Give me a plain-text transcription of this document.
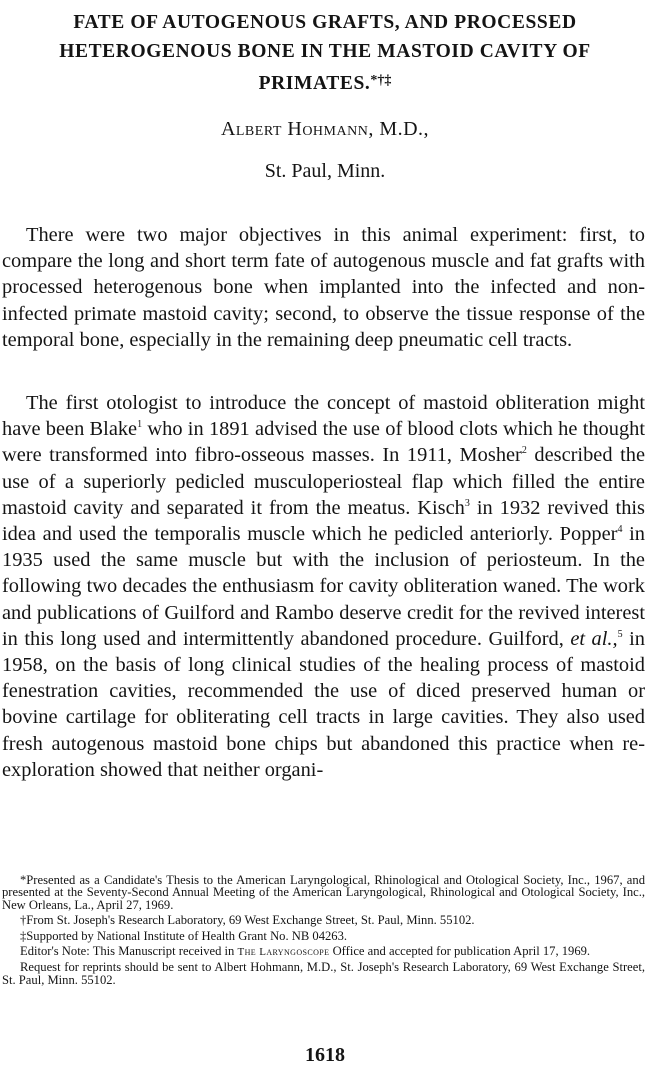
FATE OF AUTOGENOUS GRAFTS, AND PROCESSED HETEROGENOUS BONE IN THE MASTOID CAVITY OF PRIMATES.*†‡
Albert Hohmann, M.D.,
St. Paul, Minn.

There were two major objectives in this animal experiment: first, to compare the long and short term fate of autogenous muscle and fat grafts with processed heterogenous bone when implanted into the infected and non-infected primate mastoid cavity; second, to observe the tissue response of the temporal bone, especially in the remaining deep pneumatic cell tracts.

The first otologist to introduce the concept of mastoid obliteration might have been Blake$^1$ who in 1891 advised the use of blood clots which he thought were transformed into fibro-osseous masses. In 1911, Mosher$^2$ described the use of a superiorly pedicled musculoperiosteal flap which filled the entire mastoid cavity and separated it from the meatus. Kisch$^3$ in 1932 revived this idea and used the temporalis muscle which he pedicled anteriorly. Popper$^4$ in 1935 used the same muscle but with the inclusion of periosteum. In the following two decades the enthusiasm for cavity obliteration waned. The work and publications of Guilford and Rambo deserve credit for the revived interest in this long used and intermittently abandoned procedure. Guilford, et al.,$^5$ in 1958, on the basis of long clinical studies of the healing process of mastoid fenestration cavities, recommended the use of diced preserved human or bovine cartilage for obliterating cell tracts in large cavities. They also used fresh autogenous mastoid bone chips but abandoned this practice when re-exploration showed that neither organi-

*Presented as a Candidate's Thesis to the American Laryngological, Rhinological and Otological Society, Inc., 1967, and presented at the Seventy-Second Annual Meeting of the American Laryngological, Rhinological and Otological Society, Inc., New Orleans, La., April 27, 1969.

†From St. Joseph's Research Laboratory, 69 West Exchange Street, St. Paul, Minn. 55102.

‡Supported by National Institute of Health Grant No. NB 04263.

Editor's Note: This Manuscript received in The Laryngoscope Office and accepted for publication April 17, 1969.

Request for reprints should be sent to Albert Hohmann, M.D., St. Joseph's Research Laboratory, 69 West Exchange Street, St. Paul, Minn. 55102.

1618
